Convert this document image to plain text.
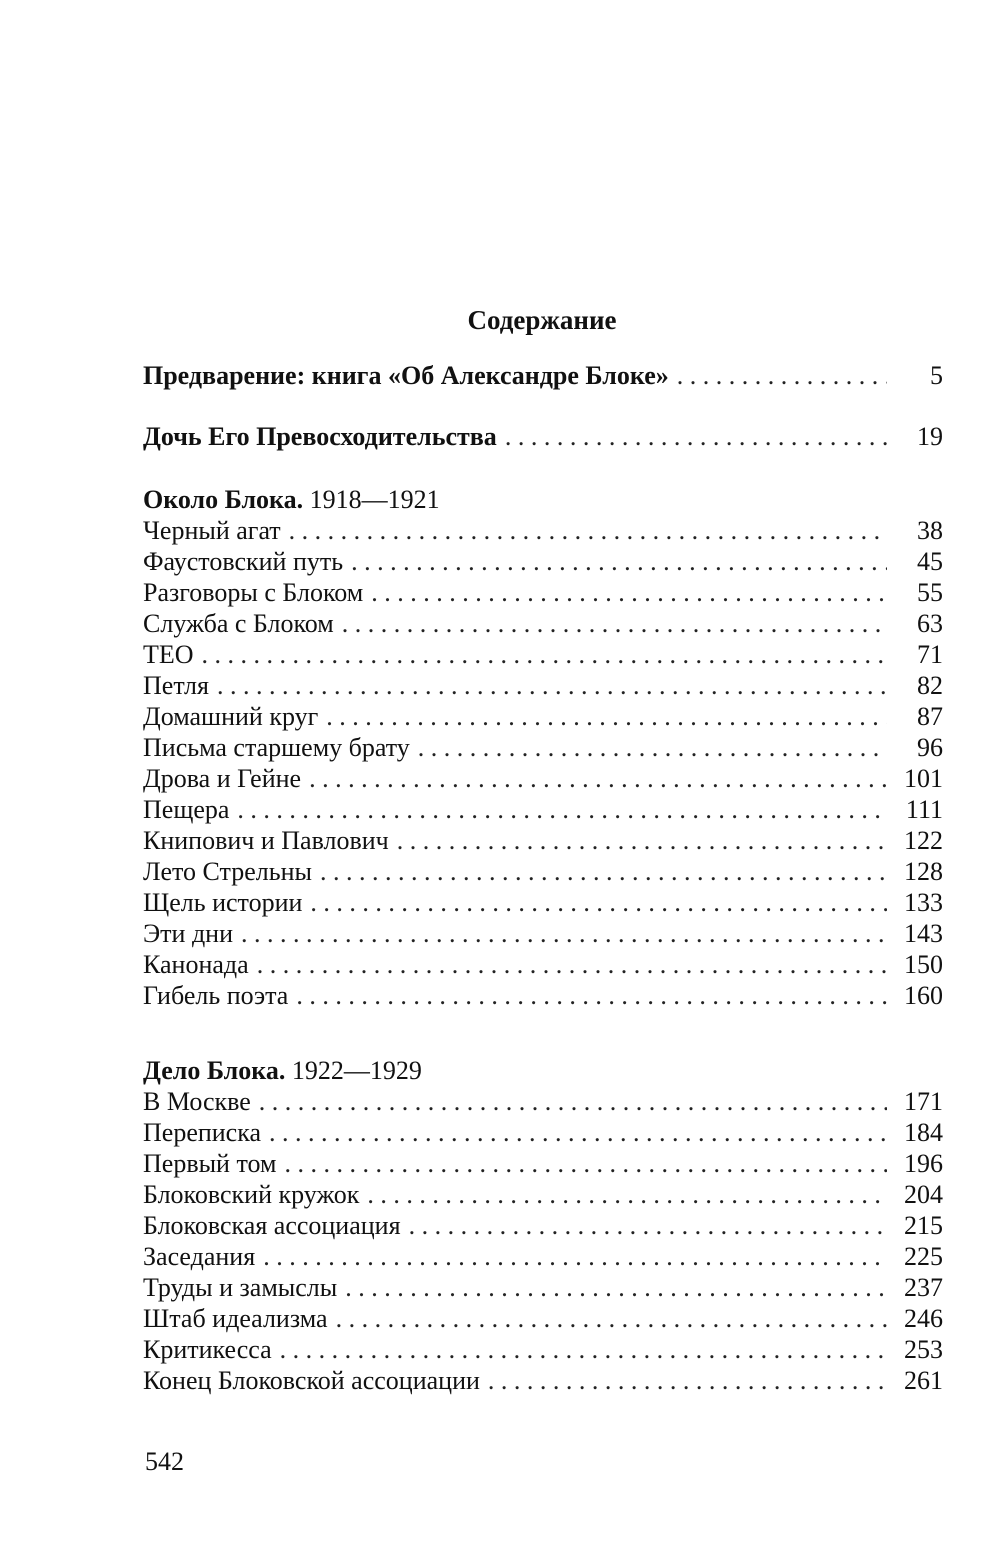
Содержание
Предварение: книга «Об Александре Блоке» . . .	5
Дочь Его Превосходительства . . .	19
Около Блока. 1918—1921
Черный агат . . .	38
Фаустовский путь . . .	45
Разговоры с Блоком . . .	55
Служба с Блоком . . .	63
ТЕО . . .	71
Петля . . .	82
Домашний круг . . .	87
Письма старшему брату . . .	96
Дрова и Гейне . . .	101
Пещера . . .	111
Книпович и Павлович . . .	122
Лето Стрельны . . .	128
Щель истории . . .	133
Эти дни . . .	143
Канонада . . .	150
Гибель поэта . . .	160
Дело Блока. 1922—1929
В Москве . . .	171
Переписка . . .	184
Первый том . . .	196
Блоковский кружок . . .	204
Блоковская ассоциация . . .	215
Заседания . . .	225
Труды и замыслы . . .	237
Штаб идеализма . . .	246
Критикесса . . .	253
Конец Блоковской ассоциации . . .	261
542
